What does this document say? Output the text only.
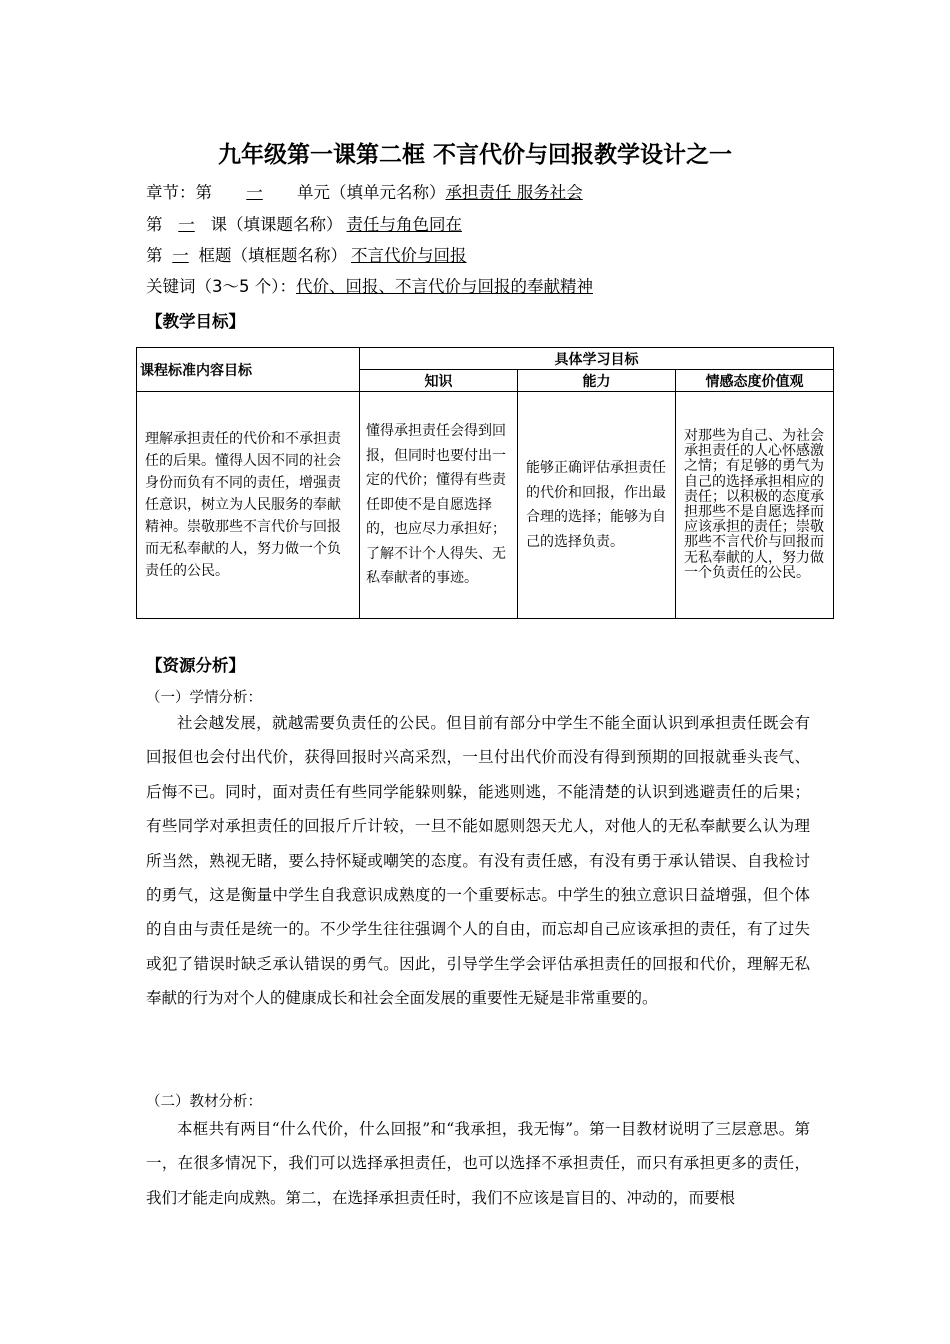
九年级第一课第二框 不言代价与回报教学设计之一
章节：第 一 单元（填单元名称）承担责任 服务社会
第 一 课（填课题名称） 责任与角色同在
第 一 框题（填框题名称） 不言代价与回报
关键词（3～5 个）：代价、回报、不言代价与回报的奉献精神
【教学目标】
课程标准内容目标	具体学习目标		
	知识	能力	情感态度价值观
理解承担责任的代价和不承担责任的后果。懂得人因不同的社会身份而负有不同的责任，增强责任意识，树立为人民服务的奉献精神。崇敬那些不言代价与回报而无私奉献的人，努力做一个负责任的公民。	懂得承担责任会得到回报，但同时也要付出一定的代价；懂得有些责任即使不是自愿选择的，也应尽力承担好；了解不计个人得失、无私奉献者的事迹。	能够正确评估承担责任的代价和回报，作出最合理的选择；能够为自己的选择负责。	对那些为自己、为社会承担责任的人心怀感激之情；有足够的勇气为自己的选择承担相应的责任；以积极的态度承担那些不是自愿选择而应该承担的责任；崇敬那些不言代价与回报而无私奉献的人，努力做一个负责任的公民。
【资源分析】
（一）学情分析：

社会越发展，就越需要负责任的公民。但目前有部分中学生不能全面认识到承担责任既会有回报但也会付出代价，获得回报时兴高采烈，一旦付出代价而没有得到预期的回报就垂头丧气、后悔不已。同时，面对责任有些同学能躲则躲，能逃则逃，不能清楚的认识到逃避责任的后果；有些同学对承担责任的回报斤斤计较，一旦不能如愿则怨天尤人，对他人的无私奉献要么认为理所当然，熟视无睹，要么持怀疑或嘲笑的态度。有没有责任感，有没有勇于承认错误、自我检讨的勇气，这是衡量中学生自我意识成熟度的一个重要标志。中学生的独立意识日益增强，但个体的自由与责任是统一的。不少学生往往强调个人的自由，而忘却自己应该承担的责任，有了过失或犯了错误时缺乏承认错误的勇气。因此，引导学生学会评估承担责任的回报和代价，理解无私奉献的行为对个人的健康成长和社会全面发展的重要性无疑是非常重要的。

（二）教材分析：

本框共有两目“什么代价，什么回报”和“我承担，我无悔”。第一目教材说明了三层意思。第一，在很多情况下，我们可以选择承担责任，也可以选择不承担责任，而只有承担更多的责任，我们才能走向成熟。第二，在选择承担责任时，我们不应该是盲目的、冲动的，而要根
